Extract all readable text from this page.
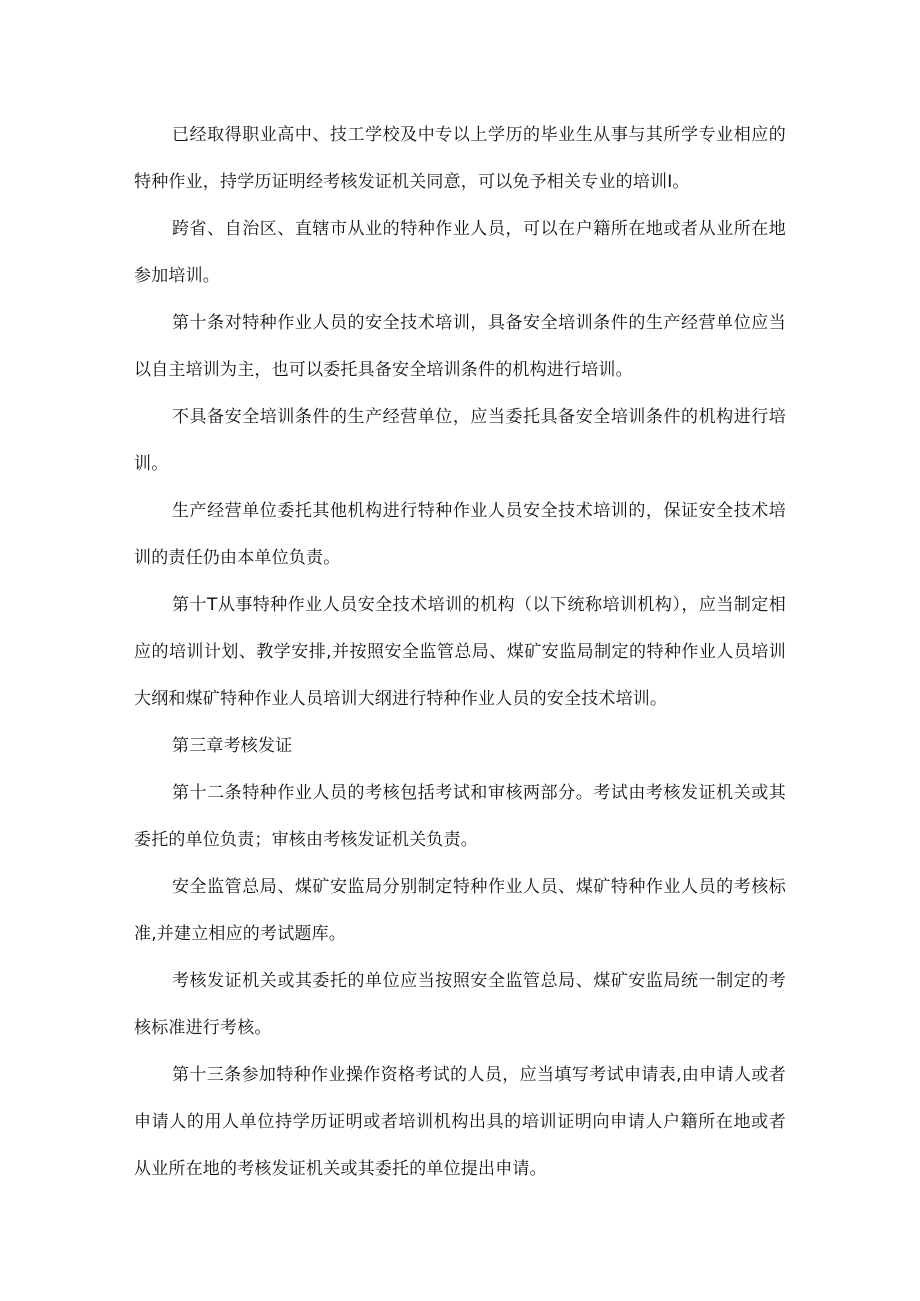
已经取得职业高中、技工学校及中专以上学历的毕业生从事与其所学专业相应的特种作业，持学历证明经考核发证机关同意，可以免予相关专业的培训Ⅰ。

跨省、自治区、直辖市从业的特种作业人员，可以在户籍所在地或者从业所在地参加培训。

第十条对特种作业人员的安全技术培训，具备安全培训条件的生产经营单位应当以自主培训为主，也可以委托具备安全培训条件的机构进行培训。

不具备安全培训条件的生产经营单位，应当委托具备安全培训条件的机构进行培训。

生产经营单位委托其他机构进行特种作业人员安全技术培训的，保证安全技术培训的责任仍由本单位负责。

第十T从事特种作业人员安全技术培训的机构（以下统称培训机构），应当制定相应的培训计划、教学安排,并按照安全监管总局、煤矿安监局制定的特种作业人员培训大纲和煤矿特种作业人员培训大纲进行特种作业人员的安全技术培训。

第三章考核发证

第十二条特种作业人员的考核包括考试和审核两部分。考试由考核发证机关或其委托的单位负责；审核由考核发证机关负责。

安全监管总局、煤矿安监局分别制定特种作业人员、煤矿特种作业人员的考核标准,并建立相应的考试题库。

考核发证机关或其委托的单位应当按照安全监管总局、煤矿安监局统一制定的考核标准进行考核。

第十三条参加特种作业操作资格考试的人员，应当填写考试申请表,由申请人或者申请人的用人单位持学历证明或者培训机构出具的培训证明向申请人户籍所在地或者从业所在地的考核发证机关或其委托的单位提出申请。
